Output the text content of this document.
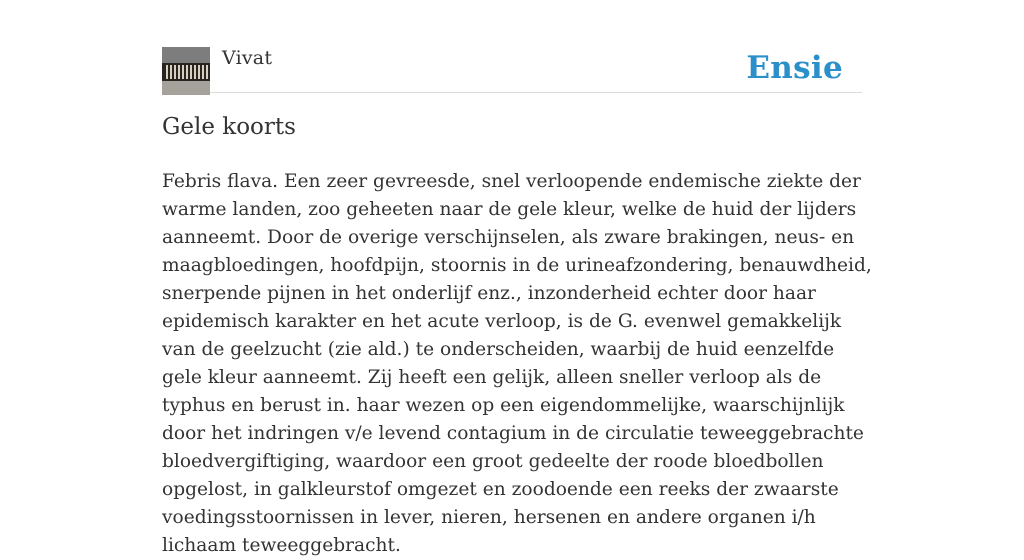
Vivat	Ensie
Gele koorts

Febris flava. Een zeer gevreesde, snel verloopende endemische ziekte der warme landen, zoo geheeten naar de gele kleur, welke de huid der lijders aanneemt. Door de overige verschijnselen, als zware brakingen, neus- en maagbloedingen, hoofdpijn, stoornis in de urineafzondering, benauwdheid, snerpende pijnen in het onderlijf enz., inzonderheid echter door haar epidemisch karakter en het acute verloop, is de G. evenwel gemakkelijk van de geelzucht (zie ald.) te onderscheiden, waarbij de huid eenzelfde gele kleur aanneemt. Zij heeft een gelijk, alleen sneller verloop als de typhus en berust in. haar wezen op een eigendommelijke, waarschijnlijk door het indringen v/e levend contagium in de circulatie teweeggebrachte bloedvergiftiging, waardoor een groot gedeelte der roode bloedbollen opgelost, in galkleurstof omgezet en zoodoende een reeks der zwaarste voedingsstoornissen in lever, nieren, hersenen en andere organen i/h lichaam teweeggebracht.
